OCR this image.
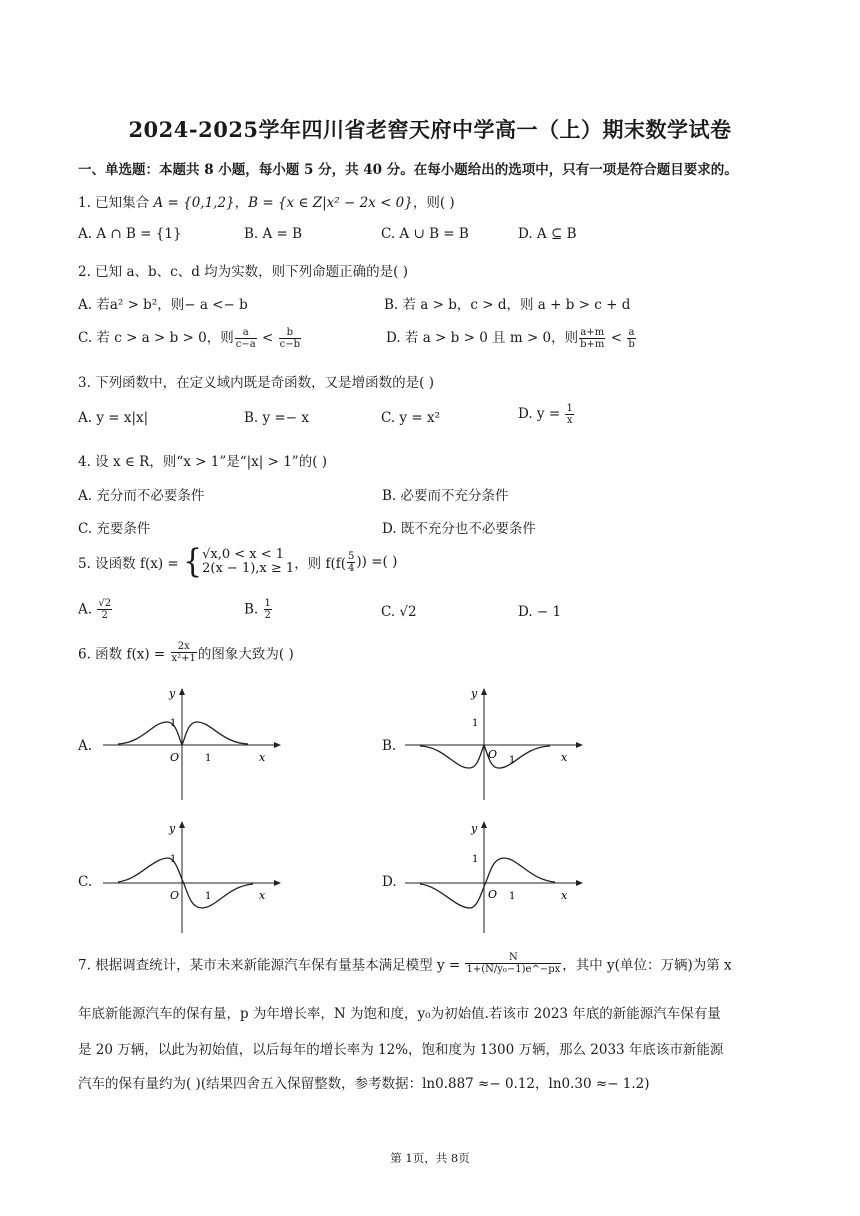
2024-2025学年四川省老窖天府中学高一（上）期末数学试卷
一、单选题：本题共 8 小题，每小题 5 分，共 40 分。在每小题给出的选项中，只有一项是符合题目要求的。
1. 已知集合 A = {0,1,2}，B = {x ∈ Z|x² − 2x < 0}，则( )
A. A ∩ B = {1}	B. A = B	C. A ∪ B = B	D. A ⊆ B
2. 已知 a、b、c、d 均为实数，则下列命题正确的是( )
A. 若a² > b²，则− a <− b	B. 若 a > b，c > d，则 a + b > c + d
C. 若 c > a > b > 0，则 $\frac{a}{c-a} < \frac{b}{c-b}$	D. 若 a > b > 0 且 m > 0，则 $\frac{a+m}{b+m} < \frac{a}{b}$
3. 下列函数中，在定义域内既是奇函数，又是增函数的是( )
A. y = x|x|	B. y =− x	C. y = x²	D. $y = \frac{1}{x}$
4. 设 x ∈ R，则“x > 1”是“|x| > 1”的( )
A. 充分而不必要条件	B. 必要而不充分条件
C. 充要条件	D. 既不充分也不必要条件
5. 设函数 f(x) = { √x,0 < x < 1
2(x − 1),x ≥ 1 ，则 $f(f( \frac{5}{4}$ )) =( )
A. $\frac{√2}{2}$	B. $\frac{1}{2}$	C. √2	D. − 1
6. 函数 $f(x) = \frac{2x}{\text{x²+1}}$ 的图象大致为( )
A.
y
1
O	1	x
B.
y
1
O 1	x
C.
y
1
O	1	x
D.
y
1
O 1	x
7. 根据调查统计，某市未来新能源汽车保有量基本满足模型 $y = \frac{N}{\text{1+(N/y₀−1)e\textasciicircum{}−px}}$ ，其中 y(单位：万辆)为第 x
年底新能源汽车的保有量，p 为年增长率，N 为饱和度，y₀为初始值.若该市 2023 年底的新能源汽车保有量
是 20 万辆，以此为初始值，以后每年的增长率为 12%，饱和度为 1300 万辆，那么 2033 年底该市新能源
汽车的保有量约为( )(结果四舍五入保留整数，参考数据：ln0.887 ≈− 0.12，ln0.30 ≈− 1.2)
第 1页，共 8页
